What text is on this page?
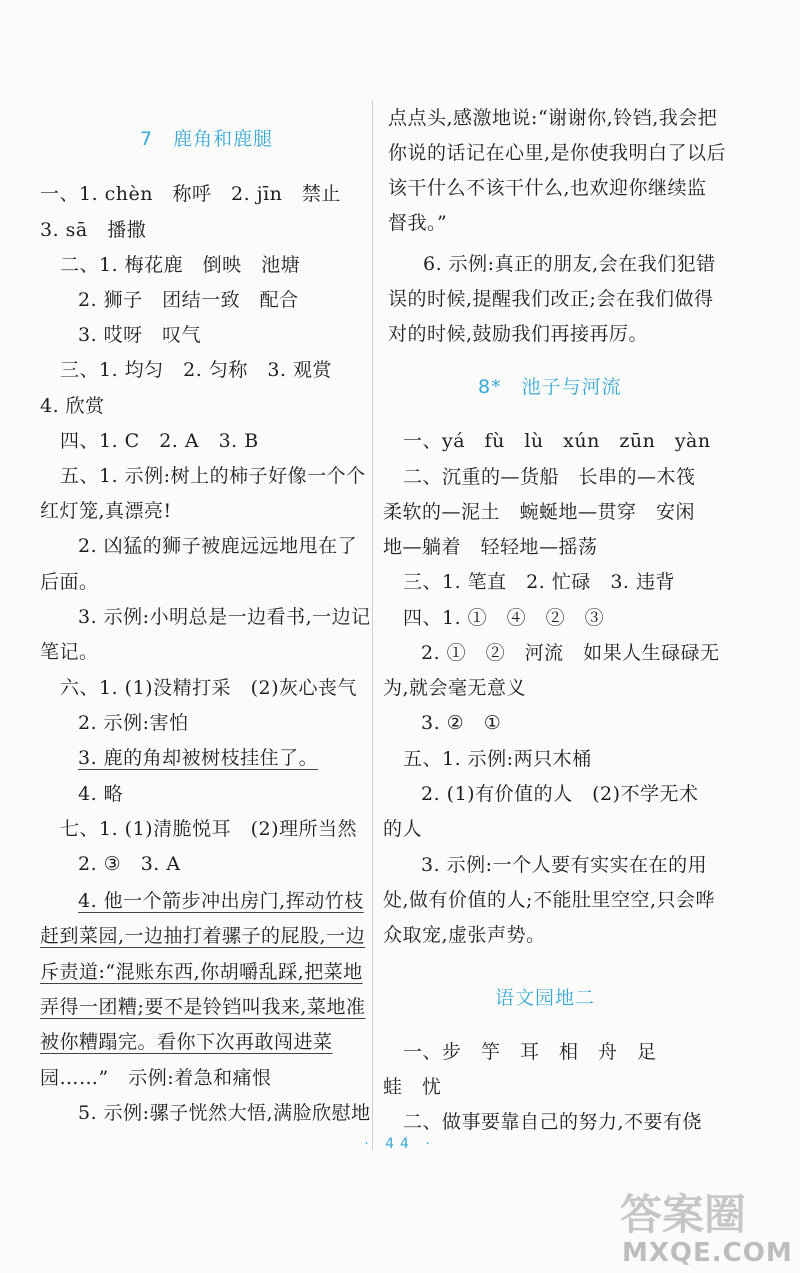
7　鹿角和鹿腿
一、1. chèn　称呼　2. jīn　禁止
3. sā　播撒
二、1. 梅花鹿　倒映　池塘
2. 狮子　团结一致　配合
3. 哎呀　叹气
三、1. 均匀　2. 匀称　3. 观赏
4. 欣赏
四、1. C　2. A　3. B
五、1. 示例:树上的柿子好像一个个
红灯笼,真漂亮!
2. 凶猛的狮子被鹿远远地甩在了
后面。
3. 示例:小明总是一边看书,一边记
笔记。
六、1. (1)没精打采　(2)灰心丧气
2. 示例:害怕
3. 鹿的角却被树枝挂住了。
4. 略
七、1. (1)清脆悦耳　(2)理所当然
2. ③　3. A
4. 他一个箭步冲出房门,挥动竹枝
赶到菜园,一边抽打着骡子的屁股,一边
斥责道:“混账东西,你胡嚼乱踩,把菜地
弄得一团糟;要不是铃铛叫我来,菜地准
被你糟蹋完。看你下次再敢闯进菜
园……”　示例:着急和痛恨
5. 示例:骡子恍然大悟,满脸欣慰地
点点头,感激地说:“谢谢你,铃铛,我会把
你说的话记在心里,是你使我明白了以后
该干什么不该干什么,也欢迎你继续监
督我。”
6. 示例:真正的朋友,会在我们犯错
误的时候,提醒我们改正;会在我们做得
对的时候,鼓励我们再接再厉。
8*　池子与河流
一、yá　fù　lù　xún　zūn　yàn
二、沉重的—货船　长串的—木筏
柔软的—泥土　蜿蜒地—贯穿　安闲
地—躺着　轻轻地—摇荡
三、1. 笔直　2. 忙碌　3. 违背
四、1. ①　④　②　③
2. ①　②　河流　如果人生碌碌无
为,就会毫无意义
3. ②　①
五、1. 示例:两只木桶
2. (1)有价值的人　(2)不学无术
的人
3. 示例:一个人要有实实在在的用
处,做有价值的人;不能肚里空空,只会哗
众取宠,虚张声势。
语文园地二
一、步　竽　耳　相　舟　足
蛙　忧
二、做事要靠自己的努力,不要有侥
· 44 ·
答案圈
MXQE.COM
